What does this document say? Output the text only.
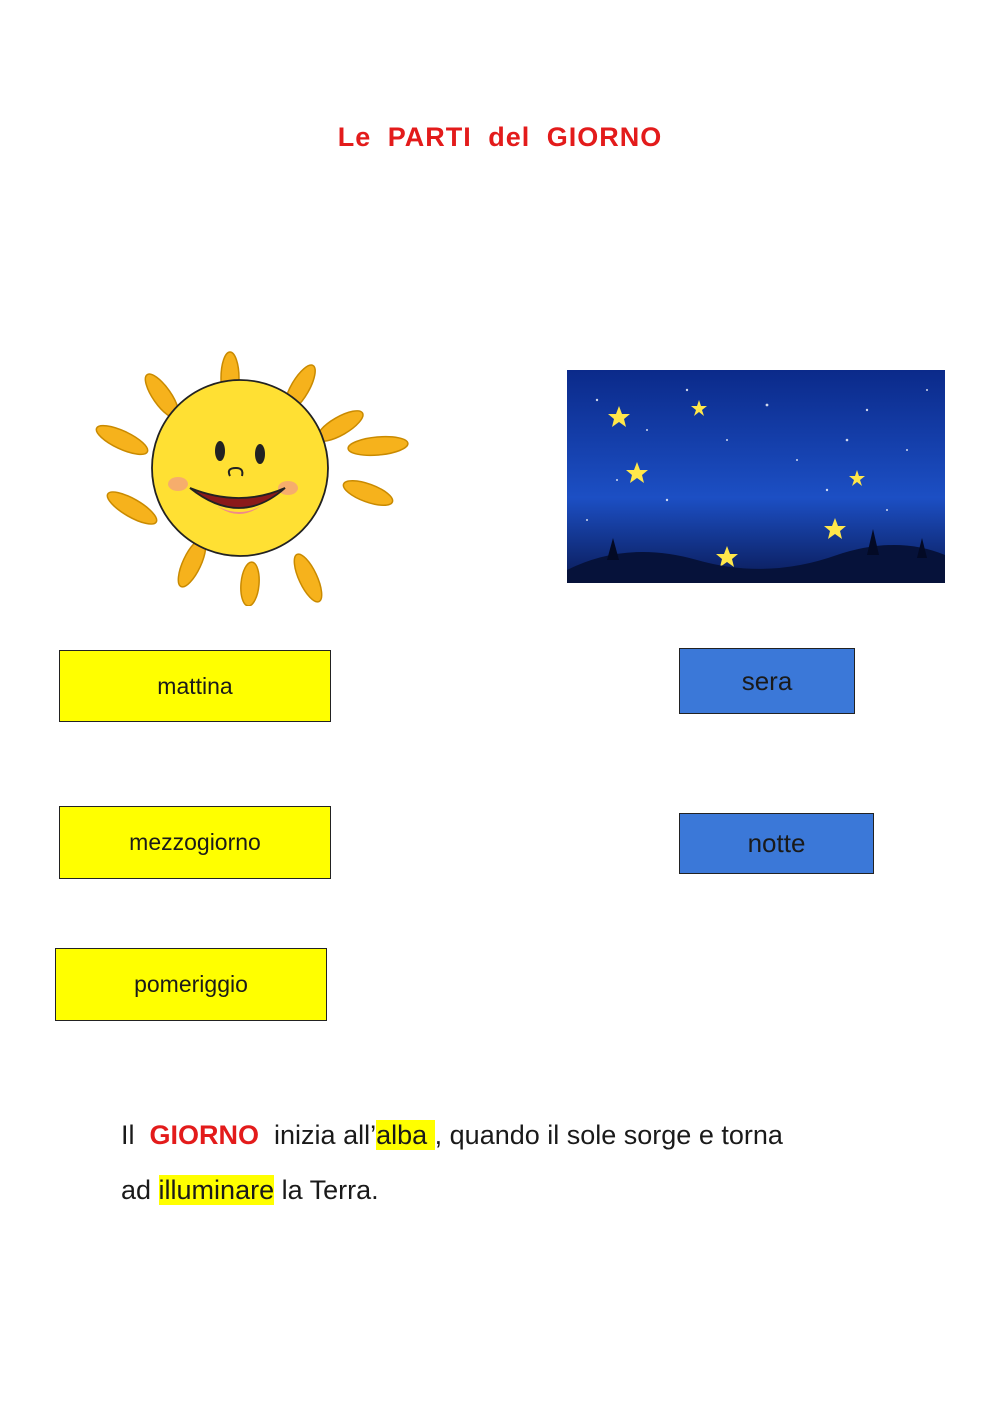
Le PARTI del GIORNO
mattina
mezzogiorno
pomeriggio
sera
notte
Il GIORNO inizia all’alba , quando il sole sorge e torna
ad illuminare la Terra.
